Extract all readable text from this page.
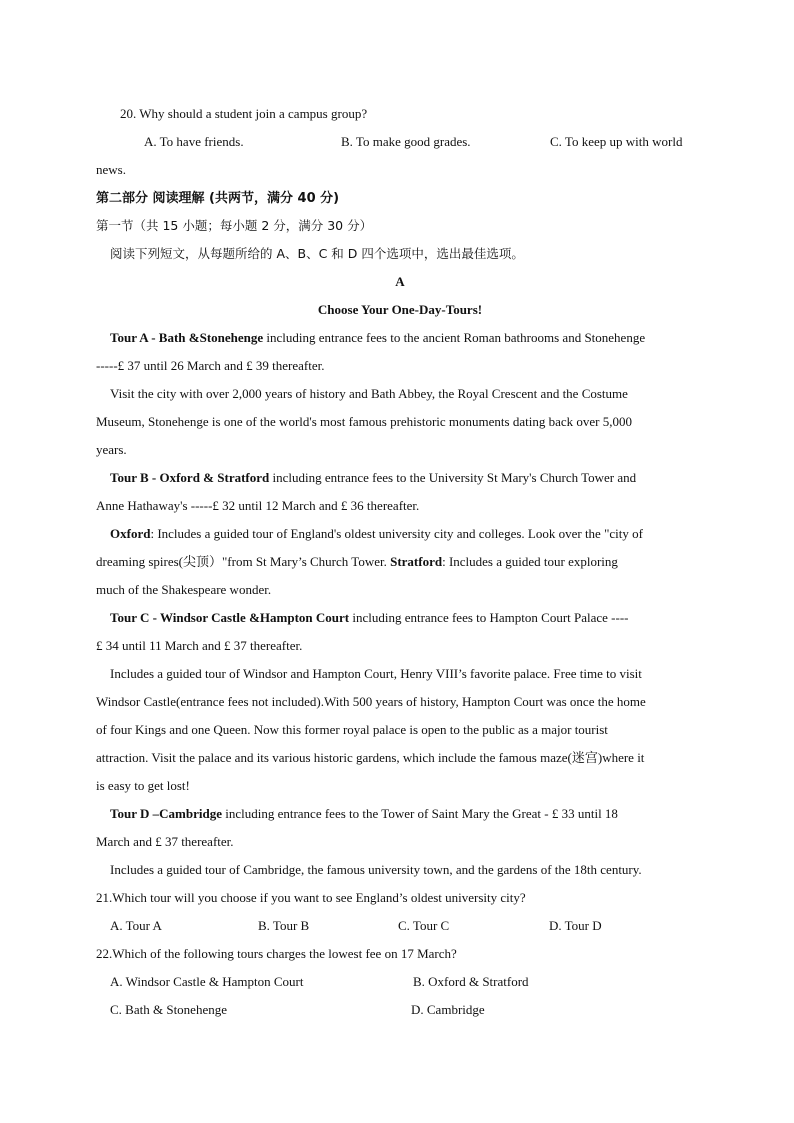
20. Why should a student join a campus group?
A. To have friends.	B. To make good grades.	C. To keep up with world
news.
第二部分 阅读理解 (共两节，满分 40 分)
第一节（共 15 小题；每小题 2 分，满分 30 分）
阅读下列短文，从每题所给的 A、B、C 和 D 四个选项中，选出最佳选项。
A
Choose Your One-Day-Tours!
Tour A - Bath &Stonehenge including entrance fees to the ancient Roman bathrooms and Stonehenge
-----£ 37 until 26 March and £ 39 thereafter.
Visit the city with over 2,000 years of history and Bath Abbey, the Royal Crescent and the Costume
Museum, Stonehenge is one of the world's most famous prehistoric monuments dating back over 5,000
years.
Tour B - Oxford & Stratford including entrance fees to the University St Mary's Church Tower and
Anne Hathaway's -----£ 32 until 12 March and £ 36 thereafter.
Oxford: Includes a guided tour of England's oldest university city and colleges. Look over the "city of
dreaming spires(尖顶）"from St Mary’s Church Tower. Stratford: Includes a guided tour exploring
much of the Shakespeare wonder.
Tour C - Windsor Castle &Hampton Court including entrance fees to Hampton Court Palace ----
£ 34 until 11 March and £ 37 thereafter.
Includes a guided tour of Windsor and Hampton Court, Henry VIII’s favorite palace. Free time to visit
Windsor Castle(entrance fees not included).With 500 years of history, Hampton Court was once the home
of four Kings and one Queen. Now this former royal palace is open to the public as a major tourist
attraction. Visit the palace and its various historic gardens, which include the famous maze(迷宫)where it
is easy to get lost!
Tour D –Cambridge including entrance fees to the Tower of Saint Mary the Great - £ 33 until 18
March and £ 37 thereafter.
Includes a guided tour of Cambridge, the famous university town, and the gardens of the 18th century.
21.Which tour will you choose if you want to see England’s oldest university city?
A. Tour A	B. Tour B	C. Tour C	D. Tour D
22.Which of the following tours charges the lowest fee on 17 March?
A. Windsor Castle & Hampton Court	B. Oxford & Stratford
C. Bath & Stonehenge	D. Cambridge
